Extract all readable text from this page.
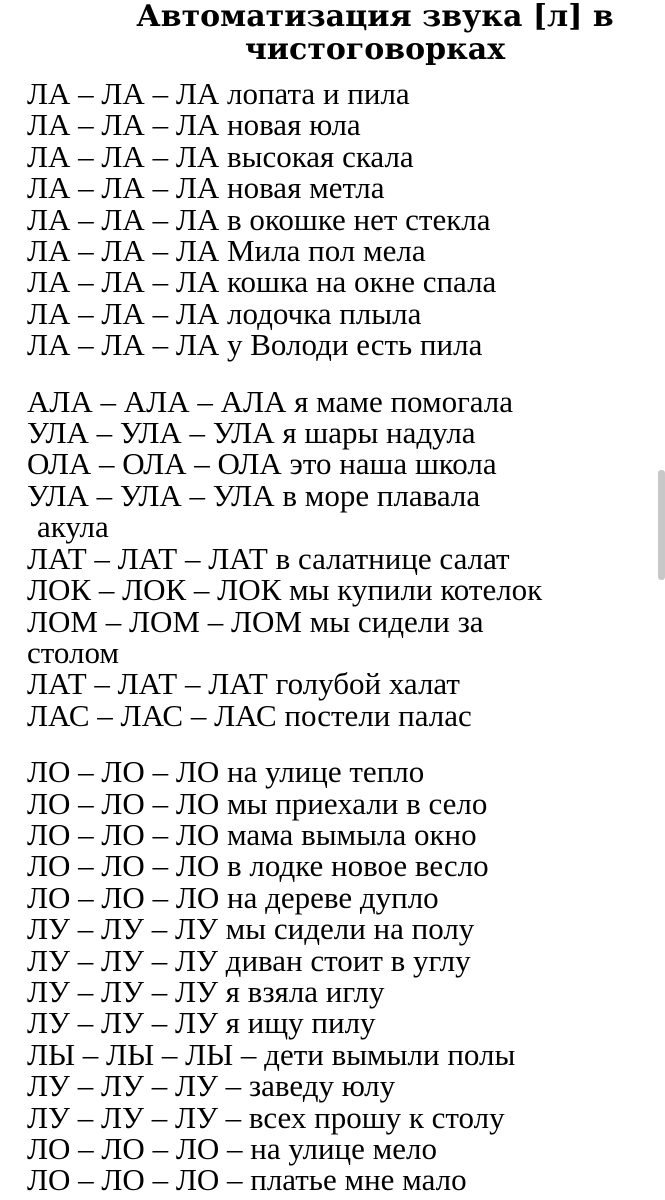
Автоматизация звука [л] в чистоговорках
ЛА – ЛА – ЛА лопата и пила
ЛА – ЛА – ЛА новая юла
ЛА – ЛА – ЛА высокая скала
ЛА – ЛА – ЛА новая метла
ЛА – ЛА – ЛА в окошке нет стекла
ЛА – ЛА – ЛА Мила пол мела
ЛА – ЛА – ЛА кошка на окне спала
ЛА – ЛА – ЛА лодочка плыла
ЛА – ЛА – ЛА у Володи есть пила
АЛА – АЛА – АЛА я маме помогала
УЛА – УЛА – УЛА я шары надула
ОЛА – ОЛА – ОЛА это наша школа
УЛА – УЛА – УЛА в море плавала
акула
ЛАТ – ЛАТ – ЛАТ в салатнице салат
ЛОК – ЛОК – ЛОК мы купили котелок
ЛОМ – ЛОМ – ЛОМ мы сидели за
столом
ЛАТ – ЛАТ – ЛАТ голубой халат
ЛАС – ЛАС – ЛАС постели палас
ЛО – ЛО – ЛО на улице тепло
ЛО – ЛО – ЛО мы приехали в село
ЛО – ЛО – ЛО мама вымыла окно
ЛО – ЛО – ЛО в лодке новое весло
ЛО – ЛО – ЛО на дереве дупло
ЛУ – ЛУ – ЛУ мы сидели на полу
ЛУ – ЛУ – ЛУ диван стоит в углу
ЛУ – ЛУ – ЛУ я взяла иглу
ЛУ – ЛУ – ЛУ я ищу пилу
ЛЫ – ЛЫ – ЛЫ – дети вымыли полы
ЛУ – ЛУ – ЛУ – заведу юлу
ЛУ – ЛУ – ЛУ – всех прошу к столу
ЛО – ЛО – ЛО – на улице мело
ЛО – ЛО – ЛО – платье мне мало
